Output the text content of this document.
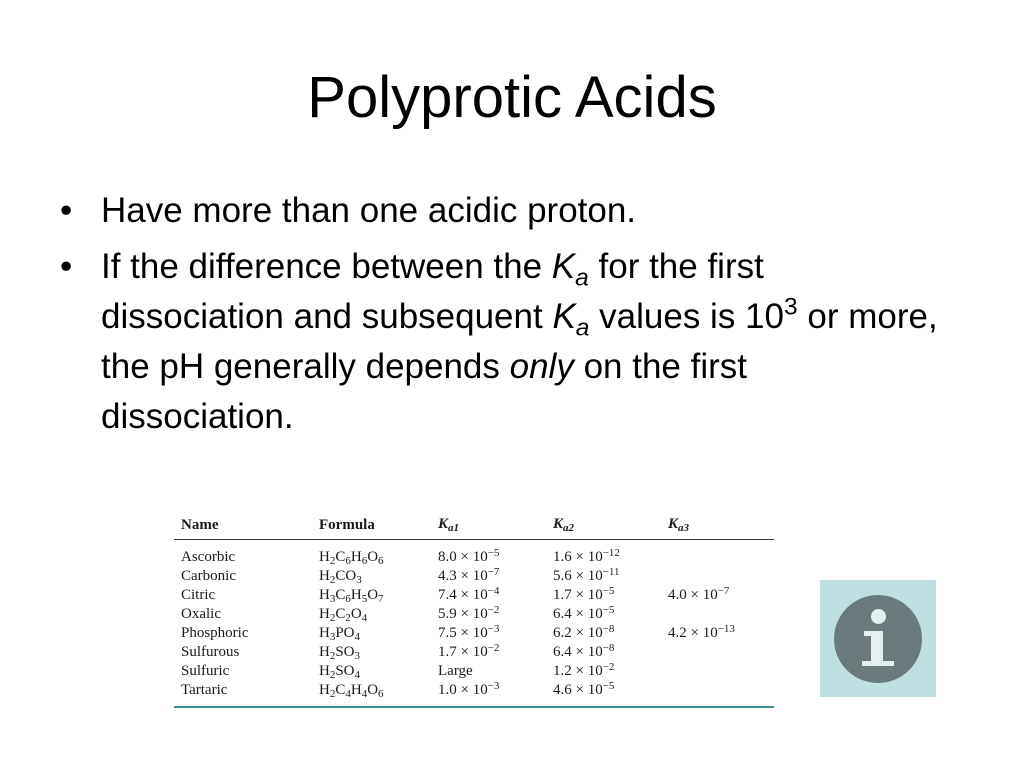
Polyprotic Acids
• Have more than one acidic proton.
• If the difference between the $K_a$ for the first dissociation and subsequent $K_a$ values is $10^3$ or more, the pH generally depends only on the first dissociation.
Name	Formula	$K_{a1}$	$K_{a2}$	$K_{a3}$
Ascorbic	$H_2C_6H_6O_6$	$8.0 \times 10^{-5}$	$1.6 \times 10^{-12}$	
Carbonic	$H_2CO_3$	$4.3 \times 10^{-7}$	$5.6 \times 10^{-11}$	
Citric	$H_3C_6H_5O_7$	$7.4 \times 10^{-4}$	$1.7 \times 10^{-5}$	$4.0 \times 10^{-7}$
Oxalic	$H_2C_2O_4$	$5.9 \times 10^{-2}$	$6.4 \times 10^{-5}$	
Phosphoric	$H_3PO_4$	$7.5 \times 10^{-3}$	$6.2 \times 10^{-8}$	$4.2 \times 10^{-13}$
Sulfurous	$H_2SO_3$	$1.7 \times 10^{-2}$	$6.4 \times 10^{-8}$	
Sulfuric	$H_2SO_4$	Large	$1.2 \times 10^{-2}$	
Tartaric	$H_2C_4H_4O_6$	$1.0 \times 10^{-3}$	$4.6 \times 10^{-5}$	
